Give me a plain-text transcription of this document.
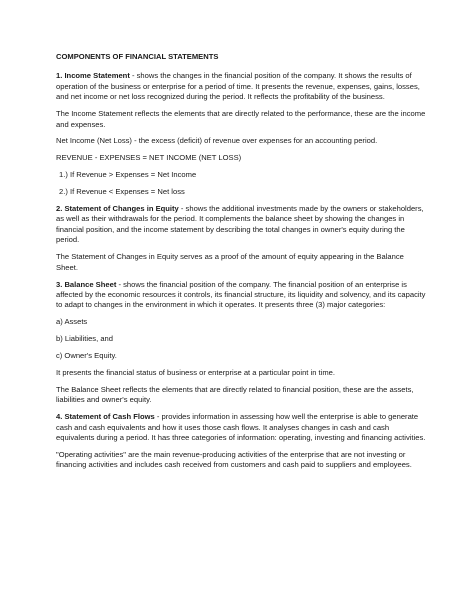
COMPONENTS OF FINANCIAL STATEMENTS

1. Income Statement - shows the changes in the financial position of the company. It shows the results of operation of the business or enterprise for a period of time. It presents the revenue, expenses, gains, losses, and net income or net loss recognized during the period. It reflects the profitability of the business.

The Income Statement reflects the elements that are directly related to the performance, these are the income and expenses.

Net Income (Net Loss) - the excess (deficit) of revenue over expenses for an accounting period.

REVENUE - EXPENSES = NET INCOME (NET LOSS)

1.) If Revenue > Expenses = Net Income

2.) If Revenue < Expenses = Net loss

2. Statement of Changes in Equity - shows the additional investments made by the owners or stakeholders, as well as their withdrawals for the period. It complements the balance sheet by showing the changes in financial position, and the income statement by describing the total changes in owner's equity during the period.

The Statement of Changes in Equity serves as a proof of the amount of equity appearing in the Balance Sheet.

3. Balance Sheet - shows the financial position of the company. The financial position of an enterprise is affected by the economic resources it controls, its financial structure, its liquidity and solvency, and its capacity to adapt to changes in the environment in which it operates. It presents three (3) major categories:

a) Assets

b) Liabilities, and

c) Owner's Equity.

It presents the financial status of business or enterprise at a particular point in time.

The Balance Sheet reflects the elements that are directly related to financial position, these are the assets, liabilities and owner's equity.

4. Statement of Cash Flows - provides information in assessing how well the enterprise is able to generate cash and cash equivalents and how it uses those cash flows. It analyses changes in cash and cash equivalents during a period. It has three categories of information: operating, investing and financing activities.

"Operating activities" are the main revenue-producing activities of the enterprise that are not investing or financing activities and includes cash received from customers and cash paid to suppliers and employees.
